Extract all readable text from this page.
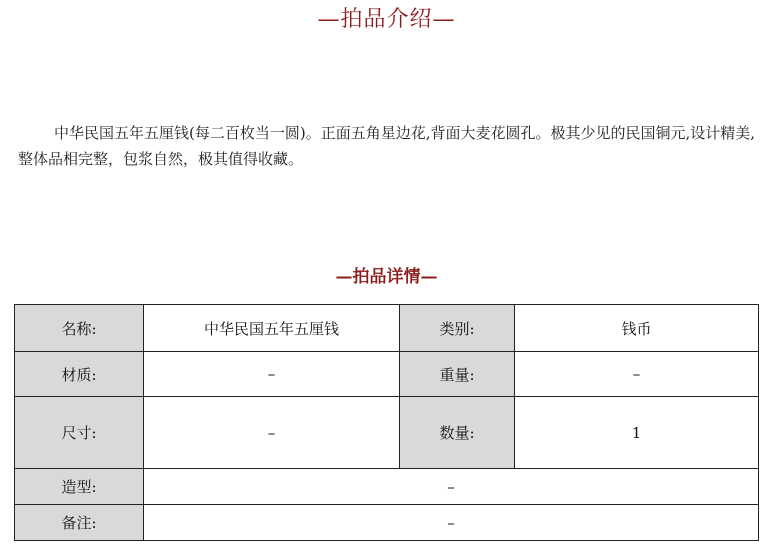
—拍品介绍—
中华民国五年五厘钱(每二百枚当一圆)。正面五角星边花,背面大麦花圆孔。极其少见的民国铜元,设计精美,整体品相完整，包浆自然，极其值得收藏。
—拍品详情—
名称:	中华民国五年五厘钱	类别:	钱币
材质:	–	重量:	–
尺寸:	–	数量:	1
造型:	–		
备注:	–		
